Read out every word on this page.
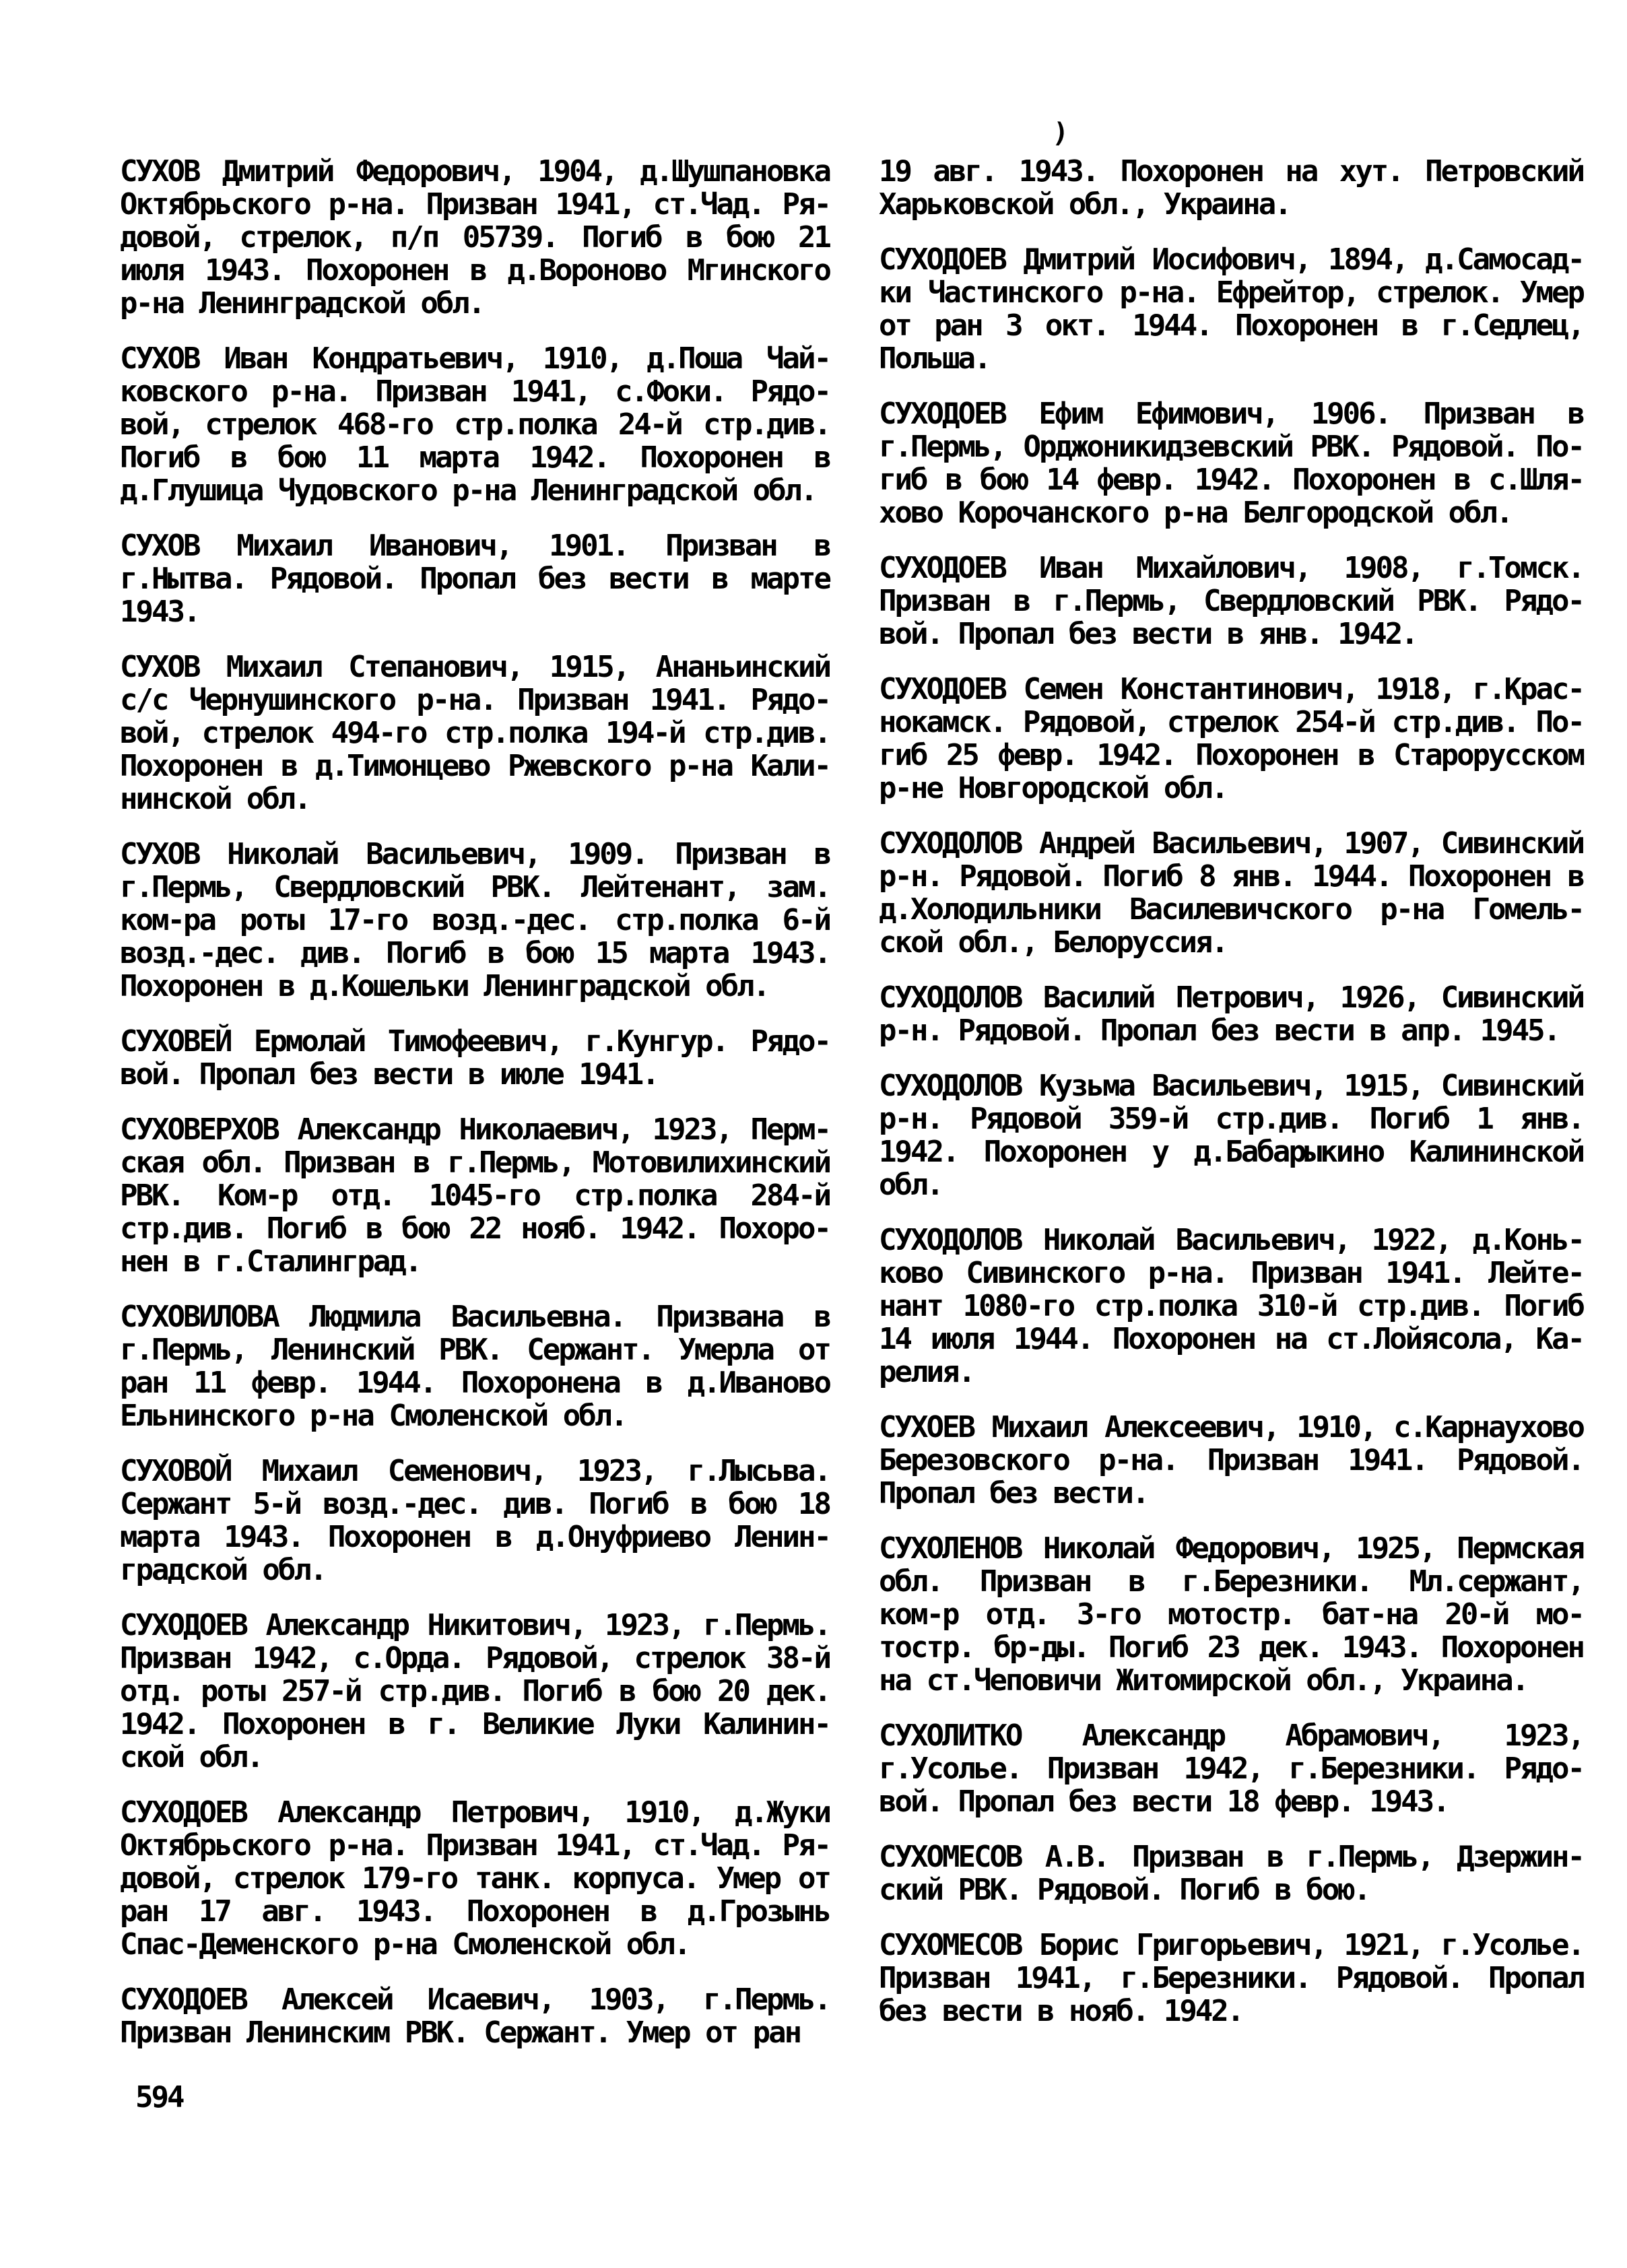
)
СУХОВ Дмитрий Федорович, 1904, д.Шушпановка
Октябрьского р-на. Призван 1941, ст.Чад. Ря-
довой, стрелок, п/п 05739. Погиб в бою 21
июля 1943. Похоронен в д.Вороново Мгинского
р-на Ленинградской обл.
СУХОВ Иван Кондратьевич, 1910, д.Поша Чай-
ковского р-на. Призван 1941, с.Фоки. Рядо-
вой, стрелок 468-го стр.полка 24-й стр.див.
Погиб в бою 11 марта 1942. Похоронен в
д.Глушица Чудовского р-на Ленинградской обл.
СУХОВ Михаил Иванович, 1901. Призван в
г.Нытва. Рядовой. Пропал без вести в марте
1943.
СУХОВ Михаил Степанович, 1915, Ананьинский
с/с Чернушинского р-на. Призван 1941. Рядо-
вой, стрелок 494-го стр.полка 194-й стр.див.
Похоронен в д.Тимонцево Ржевского р-на Кали-
нинской обл.
СУХОВ Николай Васильевич, 1909. Призван в
г.Пермь, Свердловский РВК. Лейтенант, зам.
ком-ра роты 17-го возд.-дес. стр.полка 6-й
возд.-дес. див. Погиб в бою 15 марта 1943.
Похоронен в д.Кошельки Ленинградской обл.
СУХОВЕЙ Ермолай Тимофеевич, г.Кунгур. Рядо-
вой. Пропал без вести в июле 1941.
СУХОВЕРХОВ Александр Николаевич, 1923, Перм-
ская обл. Призван в г.Пермь, Мотовилихинский
РВК. Ком-р отд. 1045-го стр.полка 284-й
стр.див. Погиб в бою 22 нояб. 1942. Похоро-
нен в г.Сталинград.
СУХОВИЛОВА Людмила Васильевна. Призвана в
г.Пермь, Ленинский РВК. Сержант. Умерла от
ран 11 февр. 1944. Похоронена в д.Иваново
Ельнинского р-на Смоленской обл.
СУХОВОЙ Михаил Семенович, 1923, г.Лысьва.
Сержант 5-й возд.-дес. див. Погиб в бою 18
марта 1943. Похоронен в д.Онуфриево Ленин-
градской обл.
СУХОДОЕВ Александр Никитович, 1923, г.Пермь.
Призван 1942, с.Орда. Рядовой, стрелок 38-й
отд. роты 257-й стр.див. Погиб в бою 20 дек.
1942. Похоронен в г. Великие Луки Калинин-
ской обл.
СУХОДОЕВ Александр Петрович, 1910, д.Жуки
Октябрьского р-на. Призван 1941, ст.Чад. Ря-
довой, стрелок 179-го танк. корпуса. Умер от
ран 17 авг. 1943. Похоронен в д.Грозынь
Спас-Деменского р-на Смоленской обл.
СУХОДОЕВ Алексей Исаевич, 1903, г.Пермь.
Призван Ленинским РВК. Сержант. Умер от ран
19 авг. 1943. Похоронен на хут. Петровский
Харьковской обл., Украина.
СУХОДОЕВ Дмитрий Иосифович, 1894, д.Самосад-
ки Частинского р-на. Ефрейтор, стрелок. Умер
от ран 3 окт. 1944. Похоронен в г.Седлец,
Польша.
СУХОДОЕВ Ефим Ефимович, 1906. Призван в
г.Пермь, Орджоникидзевский РВК. Рядовой. По-
гиб в бою 14 февр. 1942. Похоронен в с.Шля-
хово Корочанского р-на Белгородской обл.
СУХОДОЕВ Иван Михайлович, 1908, г.Томск.
Призван в г.Пермь, Свердловский РВК. Рядо-
вой. Пропал без вести в янв. 1942.
СУХОДОЕВ Семен Константинович, 1918, г.Крас-
нокамск. Рядовой, стрелок 254-й стр.див. По-
гиб 25 февр. 1942. Похоронен в Старорусском
р-не Новгородской обл.
СУХОДОЛОВ Андрей Васильевич, 1907, Сивинский
р-н. Рядовой. Погиб 8 янв. 1944. Похоронен в
д.Холодильники Василевичского р-на Гомель-
ской обл., Белоруссия.
СУХОДОЛОВ Василий Петрович, 1926, Сивинский
р-н. Рядовой. Пропал без вести в апр. 1945.
СУХОДОЛОВ Кузьма Васильевич, 1915, Сивинский
р-н. Рядовой 359-й стр.див. Погиб 1 янв.
1942. Похоронен у д.Бабарыкино Калининской
обл.
СУХОДОЛОВ Николай Васильевич, 1922, д.Конь-
ково Сивинского р-на. Призван 1941. Лейте-
нант 1080-го стр.полка 310-й стр.див. Погиб
14 июля 1944. Похоронен на ст.Лойясола, Ка-
релия.
СУХОЕВ Михаил Алексеевич, 1910, с.Карнаухово
Березовского р-на. Призван 1941. Рядовой.
Пропал без вести.
СУХОЛЕНОВ Николай Федорович, 1925, Пермская
обл. Призван в г.Березники. Мл.сержант,
ком-р отд. 3-го мотостр. бат-на 20-й мо-
тостр. бр-ды. Погиб 23 дек. 1943. Похоронен
на ст.Чеповичи Житомирской обл., Украина.
СУХОЛИТКО Александр Абрамович, 1923,
г.Усолье. Призван 1942, г.Березники. Рядо-
вой. Пропал без вести 18 февр. 1943.
СУХОМЕСОВ А.В. Призван в г.Пермь, Дзержин-
ский РВК. Рядовой. Погиб в бою.
СУХОМЕСОВ Борис Григорьевич, 1921, г.Усолье.
Призван 1941, г.Березники. Рядовой. Пропал
без вести в нояб. 1942.
594
